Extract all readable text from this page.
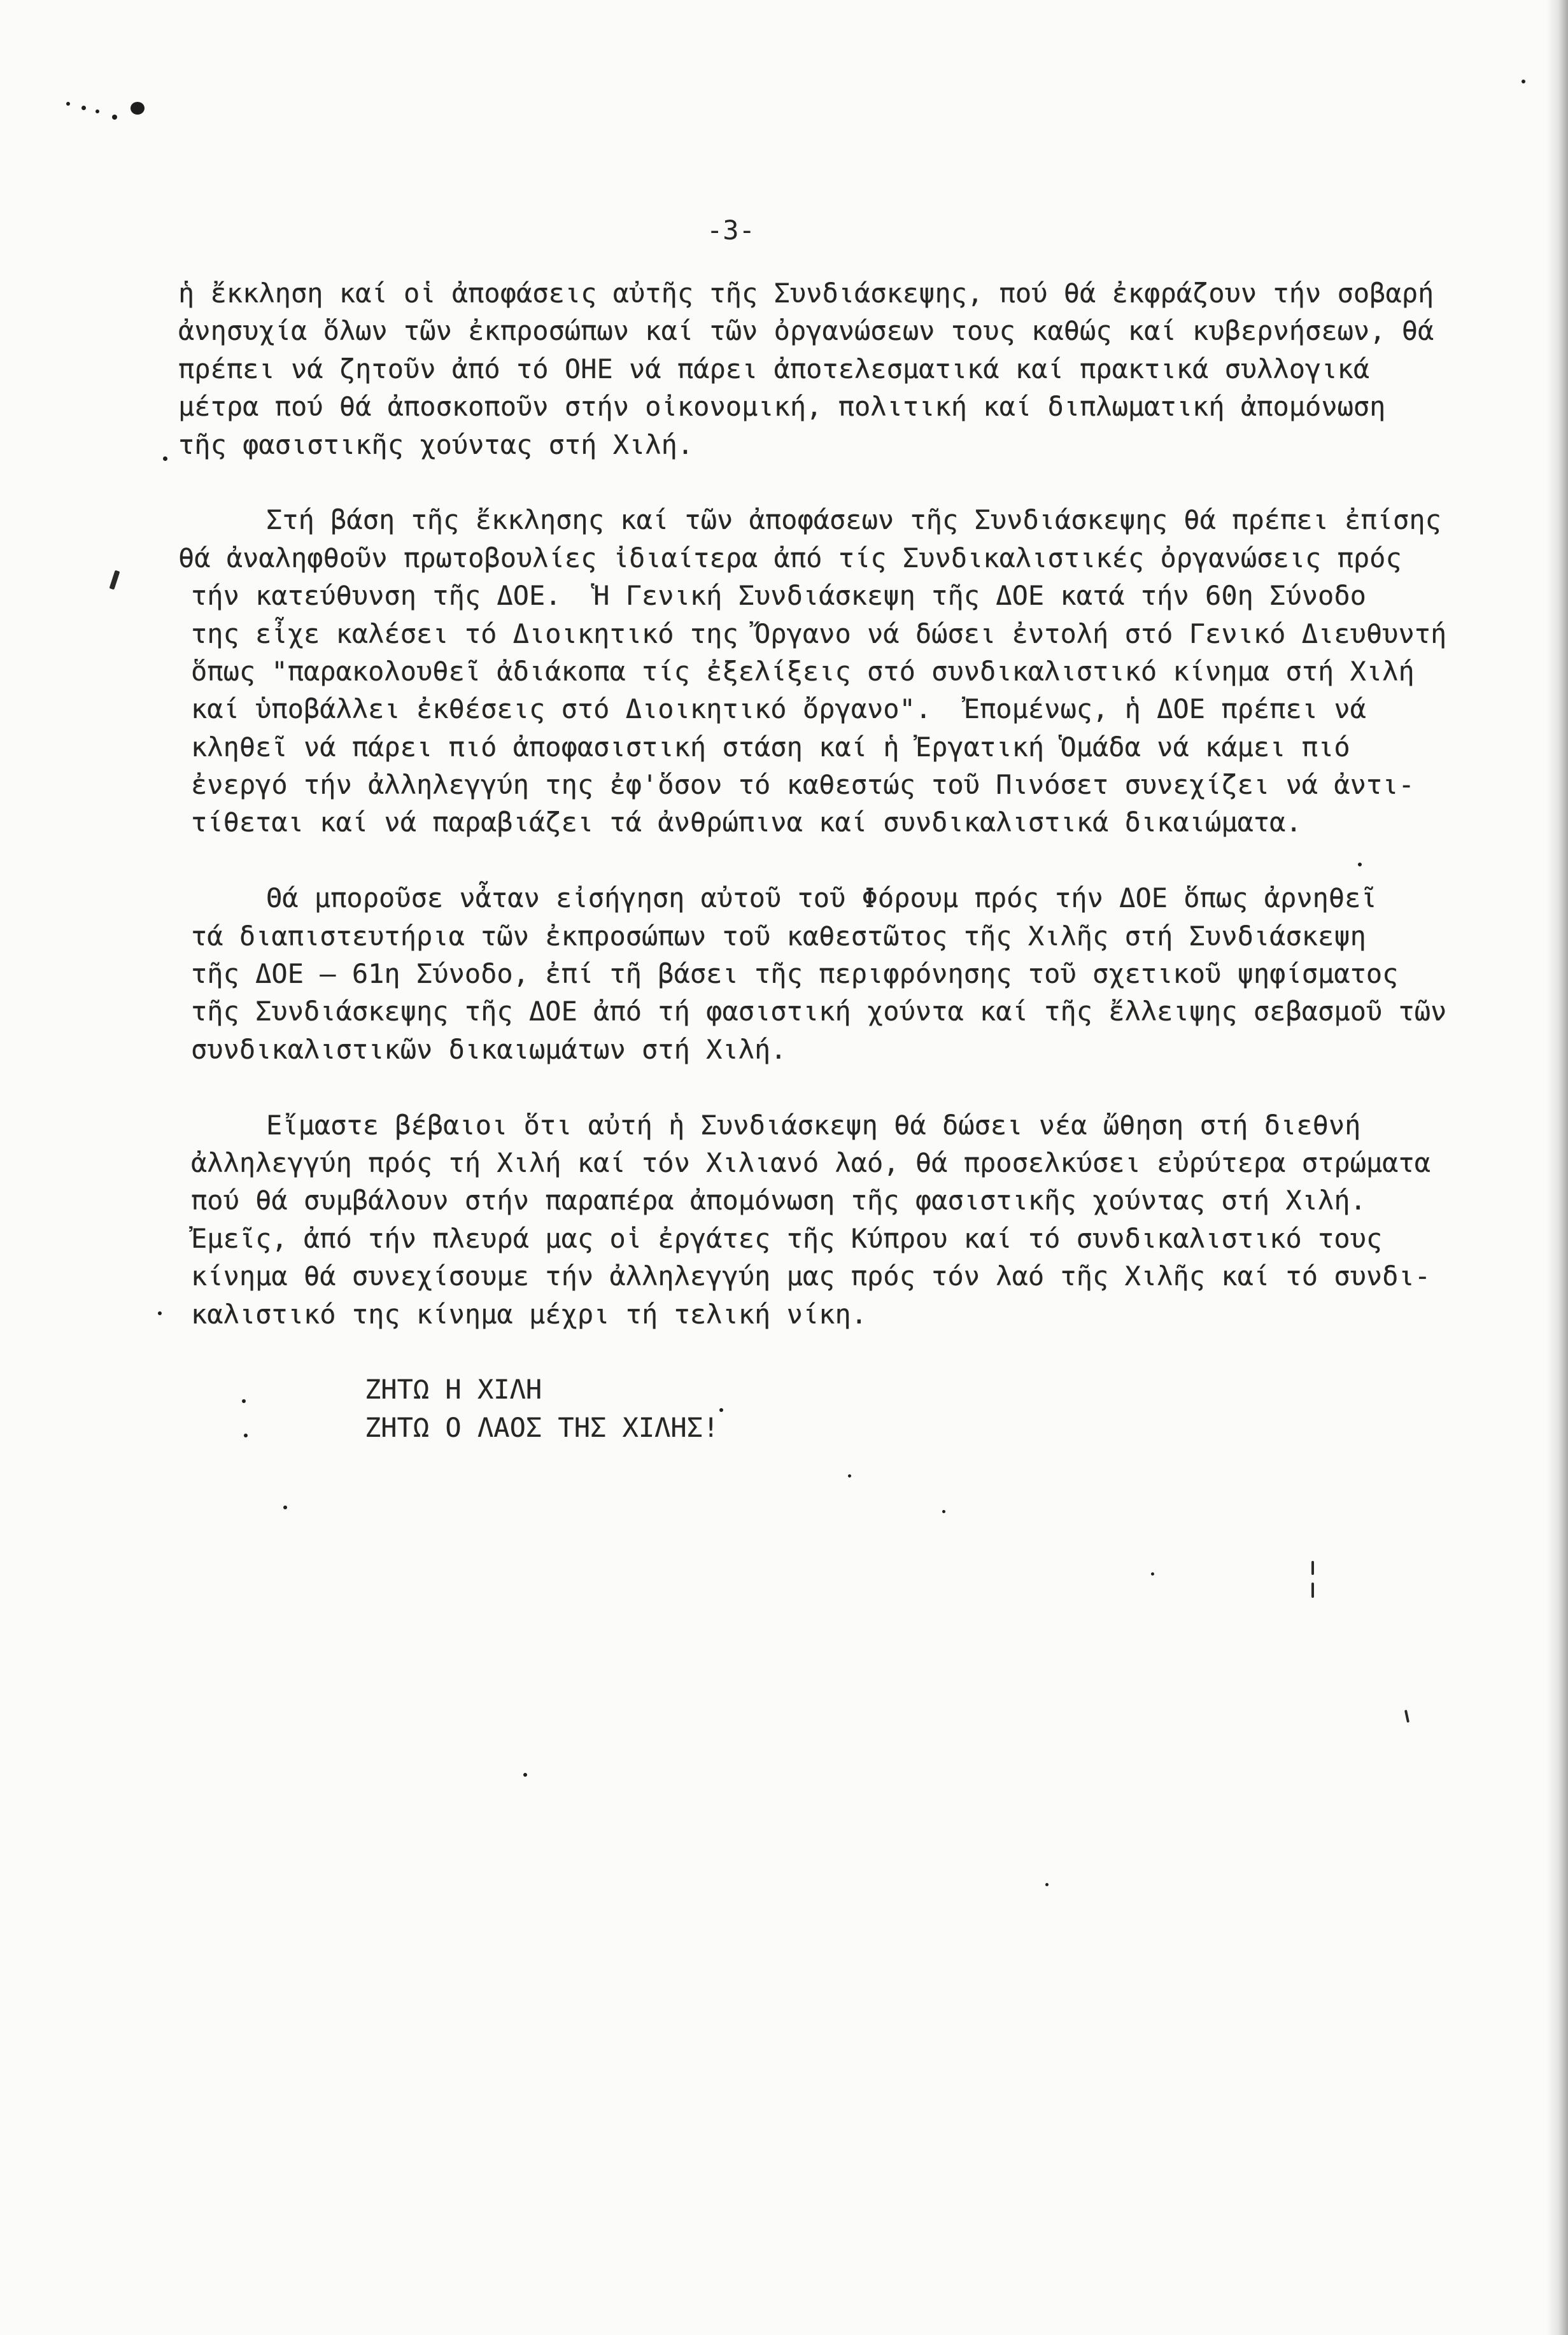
-3-
ἡ ἔκκληση καί οἱ ἀποφάσεις αὐτῆς τῆς Συνδιάσκεψης, πού θά ἐκφράζουν τήν σοβαρή
ἀνησυχία ὅλων τῶν ἐκπροσώπων καί τῶν ὀργανώσεων τους καθώς καί κυβερνήσεων, θά
πρέπει νά ζητοῦν ἀπό τό ΟΗΕ νά πάρει ἀποτελεσματικά καί πρακτικά συλλογικά
μέτρα πού θά ἀποσκοποῦν στήν οἰκονομική, πολιτική καί διπλωματική ἀπομόνωση
τῆς φασιστικῆς χούντας στή Χιλή.
Στή βάση τῆς ἔκκλησης καί τῶν ἀποφάσεων τῆς Συνδιάσκεψης θά πρέπει ἐπίσης
θά ἀναληφθοῦν πρωτοβουλίες ἰδιαίτερα ἀπό τίς Συνδικαλιστικές ὀργανώσεις πρός
τήν κατεύθυνση τῆς ΔΟΕ.  Ἡ Γενική Συνδιάσκεψη τῆς ΔΟΕ κατά τήν 60η Σύνοδο
της εἶχε καλέσει τό Διοικητικό της Ὄργανο νά δώσει ἐντολή στό Γενικό Διευθυντή
ὅπως "παρακολουθεῖ ἀδιάκοπα τίς ἐξελίξεις στό συνδικαλιστικό κίνημα στή Χιλή
καί ὑποβάλλει ἐκθέσεις στό Διοικητικό ὄργανο".  Ἐπομένως, ἡ ΔΟΕ πρέπει νά
κληθεῖ νά πάρει πιό ἀποφασιστική στάση καί ἡ Ἐργατική Ὁμάδα νά κάμει πιό
ἐνεργό τήν ἀλληλεγγύη της ἐφ'ὅσον τό καθεστώς τοῦ Πινόσετ συνεχίζει νά ἀντι-
τίθεται καί νά παραβιάζει τά ἀνθρώπινα καί συνδικαλιστικά δικαιώματα.
Θά μποροῦσε νἆταν εἰσήγηση αὐτοῦ τοῦ Φόρουμ πρός τήν ΔΟΕ ὅπως ἀρνηθεῖ
τά διαπιστευτήρια τῶν ἐκπροσώπων τοῦ καθεστῶτος τῆς Χιλῆς στή Συνδιάσκεψη
τῆς ΔΟΕ – 61η Σύνοδο, ἐπί τῆ βάσει τῆς περιφρόνησης τοῦ σχετικοῦ ψηφίσματος
τῆς Συνδιάσκεψης τῆς ΔΟΕ ἀπό τή φασιστική χούντα καί τῆς ἔλλειψης σεβασμοῦ τῶν
συνδικαλιστικῶν δικαιωμάτων στή Χιλή.
Εἴμαστε βέβαιοι ὅτι αὐτή ἡ Συνδιάσκεψη θά δώσει νέα ὤθηση στή διεθνή
ἀλληλεγγύη πρός τή Χιλή καί τόν Χιλιανό λαό, θά προσελκύσει εὐρύτερα στρώματα
πού θά συμβάλουν στήν παραπέρα ἀπομόνωση τῆς φασιστικῆς χούντας στή Χιλή.
Ἐμεῖς, ἀπό τήν πλευρά μας οἱ ἐργάτες τῆς Κύπρου καί τό συνδικαλιστικό τους
κίνημα θά συνεχίσουμε τήν ἀλληλεγγύη μας πρός τόν λαό τῆς Χιλῆς καί τό συνδι-
καλιστικό της κίνημα μέχρι τή τελική νίκη.
ΖΗΤΩ Η ΧΙΛΗ
ΖΗΤΩ Ο ΛΑΟΣ ΤΗΣ ΧΙΛΗΣ!
